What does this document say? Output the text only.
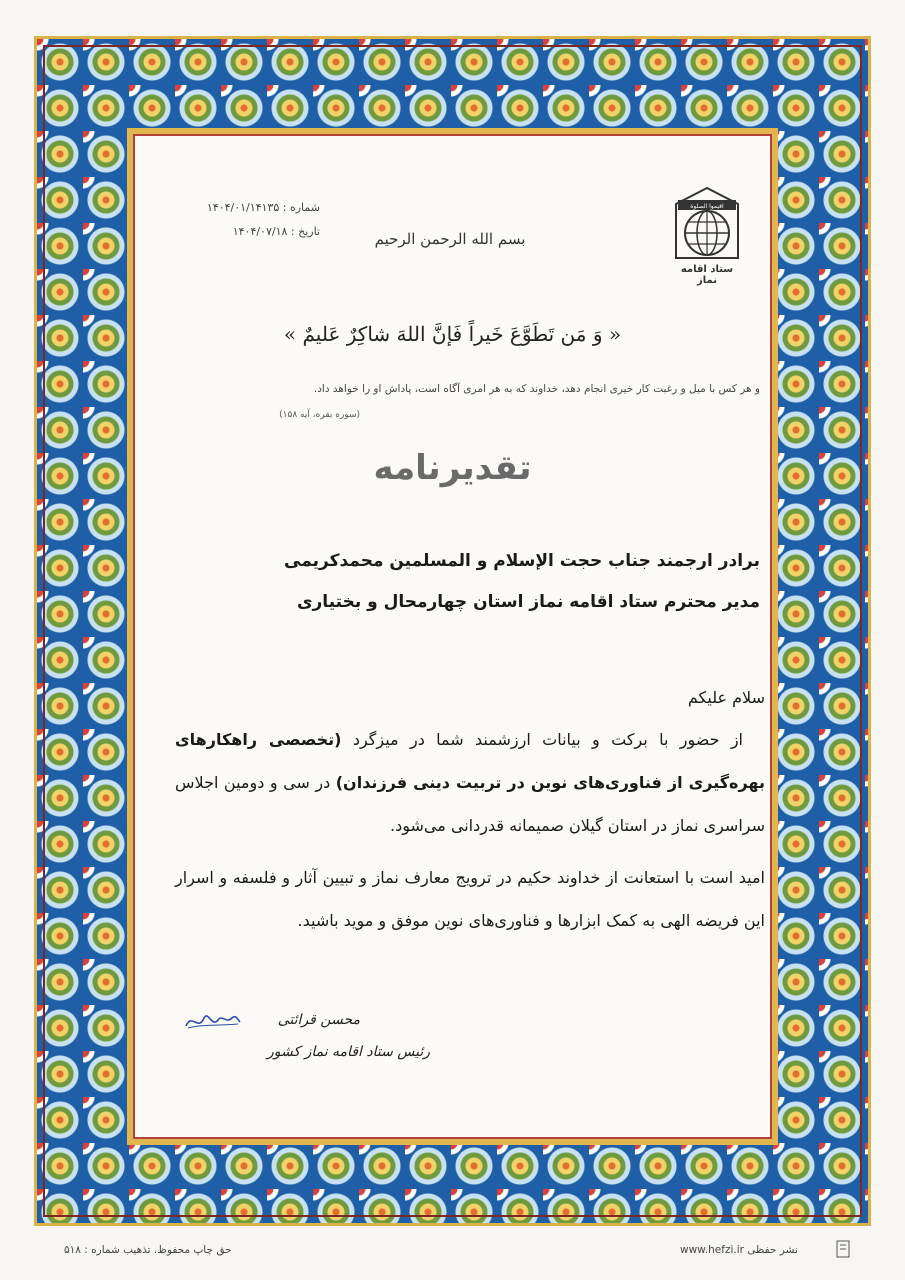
اقیموا الصلوة
ستاد اقامه نماز
شماره : ۱۴۰۴/۰۱/۱۴۱۳۵
تاریخ : ۱۴۰۴/۰۷/۱۸	بسم الله الرحمن الرحیم
« وَ مَن تَطَوَّعَ خَيراً فَإنَّ اللهَ شاكِرٌ عَليمٌ »
و هر کس با میل و رغبت کار خیری انجام دهد، خداوند که به هر امری آگاه است، پاداش او را خواهد داد.
(سوره بقره، آیه ۱۵۸)
تقدیرنامه
برادر ارجمند جناب حجت الإسلام و المسلمین محمدکریمی
مدیر محترم ستاد اقامه نماز استان چهارمحال و بختیاری
سلام علیکم
از حضور با برکت و بیانات ارزشمند شما در میزگرد (تخصصی راهکارهای بهره‌گیری از فناوری‌های نوین در تربیت دینی فرزندان) در سی و دومین اجلاس سراسری نماز در استان گیلان صمیمانه قدردانی می‌شود.
امید است با استعانت از خداوند حکیم در ترویج معارف نماز و تبیین آثار و فلسفه و اسرار این فریضه الهی به کمک ابزارها و فناوری‌های نوین موفق و موید باشید.
محسن قرائتی
رئیس ستاد اقامه نماز کشور
حق چاپ محفوظ. تذهیب شماره : ۵۱۸	www.hefzi.ir نشر حفظی
